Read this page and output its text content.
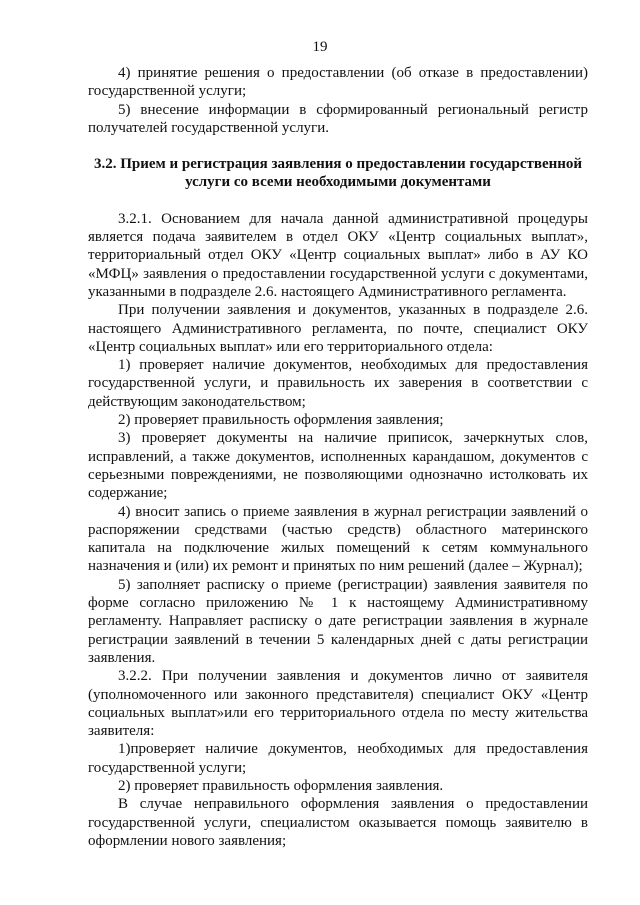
19

4) принятие решения о предоставлении (об отказе в предоставлении) государственной услуги;

5) внесение информации в сформированный региональный регистр получателей государственной услуги.

3.2. Прием и регистрация заявления о предоставлении государственной услуги со всеми необходимыми документами

3.2.1. Основанием для начала данной административной процедуры является подача заявителем в отдел ОКУ «Центр социальных выплат», территориальный отдел ОКУ «Центр социальных выплат» либо в АУ КО «МФЦ» заявления о предоставлении государственной услуги с документами, указанными в подразделе 2.6. настоящего Административного регламента.

При получении заявления и документов, указанных в подразделе 2.6. настоящего Административного регламента, по почте, специалист ОКУ «Центр социальных выплат» или его территориального отдела:

1) проверяет наличие документов, необходимых для предоставления государственной услуги, и правильность их заверения в соответствии с действующим законодательством;

2) проверяет правильность оформления заявления;

3) проверяет документы на наличие приписок, зачеркнутых слов, исправлений, а также документов, исполненных карандашом, документов с серьезными повреждениями, не позволяющими однозначно истолковать их содержание;

4) вносит запись о приеме заявления в журнал регистрации заявлений о распоряжении средствами (частью средств) областного материнского капитала на подключение жилых помещений к сетям коммунального назначения и (или) их ремонт и принятых по ним решений (далее – Журнал);

5) заполняет расписку о приеме (регистрации) заявления заявителя по форме согласно приложению № 1 к настоящему Административному регламенту. Направляет расписку о дате регистрации заявления в журнале регистрации заявлений в течении 5 календарных дней с даты регистрации заявления.

3.2.2. При получении заявления и документов лично от заявителя (уполномоченного или законного представителя) специалист ОКУ «Центр социальных выплат»или его территориального отдела по месту жительства заявителя:

1)проверяет наличие документов, необходимых для предоставления государственной услуги;

2) проверяет правильность оформления заявления.

В случае неправильного оформления заявления о предоставлении государственной услуги, специалистом оказывается помощь заявителю в оформлении нового заявления;
